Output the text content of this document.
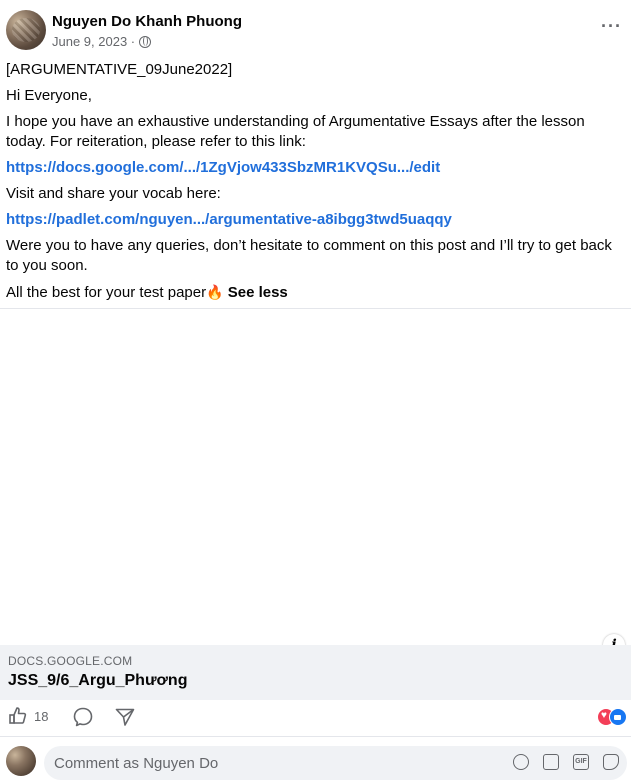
Nguyen Do Khanh Phuong
June 9, 2023 ·
···

[ARGUMENTATIVE_09June2022]

Hi Everyone,

I hope you have an exhaustive understanding of Argumentative Essays after the lesson today. For reiteration, please refer to this link:

https://docs.google.com/.../1ZgVjow433SbzMR1KVQSu.../edit

Visit and share your vocab here:

https://padlet.com/nguyen.../argumentative-a8ibgg3twd5uaqqy

Were you to have any queries, don’t hesitate to comment on this post and I’ll try to get back to you soon.

All the best for your test paper🔥 See less

DOCS.GOOGLE.COM
JSS_9/6_Argu_Phương
18
♥
Comment as Nguyen Do
GIF
